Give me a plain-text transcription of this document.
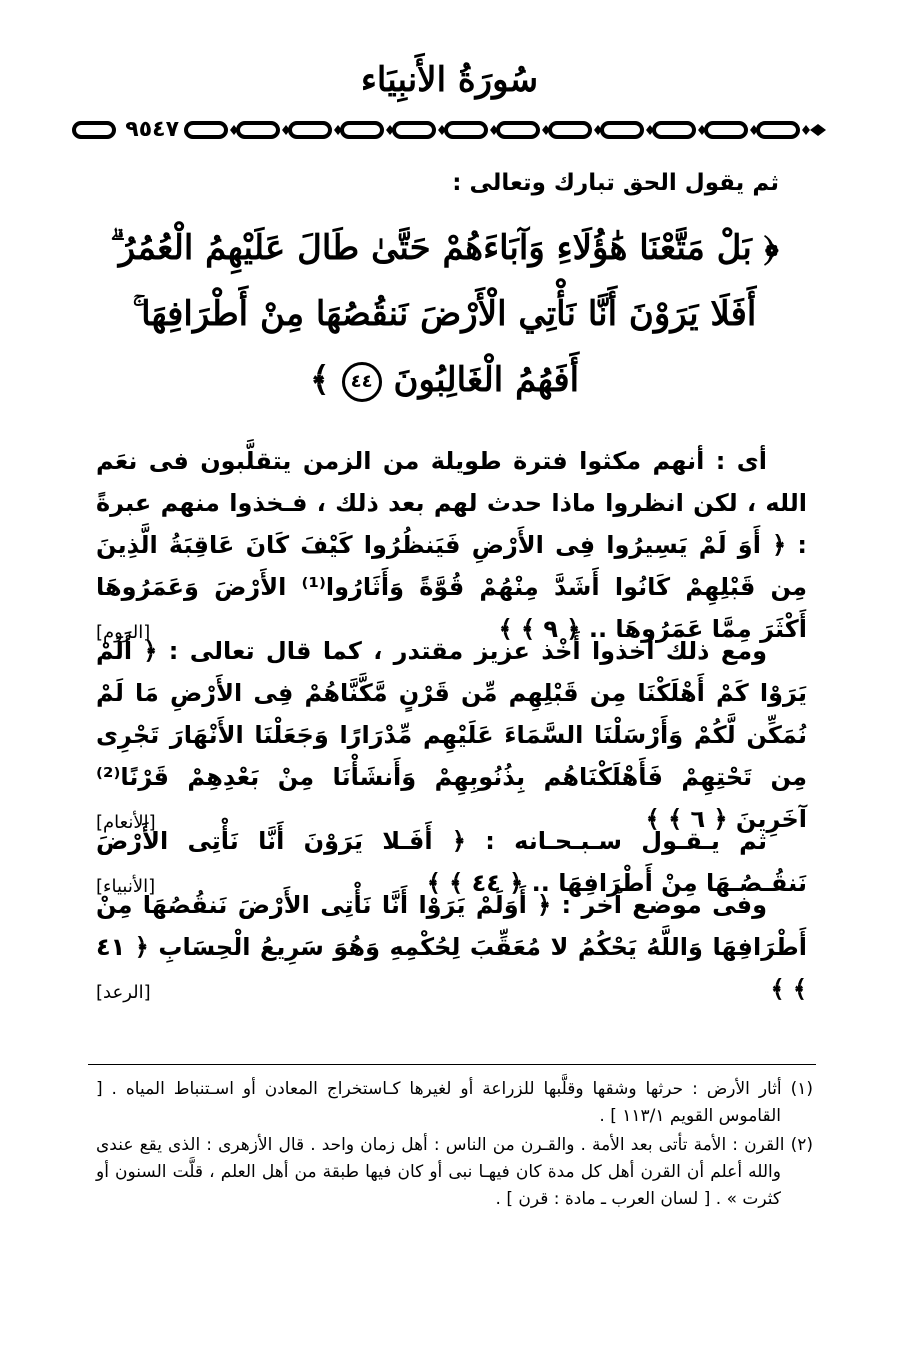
سُورَةُ الأَنبِيَاء
٩٥٤٧
ثم يقول الحق تبارك وتعالى :
﴿ بَلْ مَتَّعْنَا هَٰؤُلَاءِ وَآبَاءَهُمْ حَتَّىٰ طَالَ عَلَيْهِمُ الْعُمُرُ ۗ
أَفَلَا يَرَوْنَ أَنَّا نَأْتِي الْأَرْضَ نَنقُصُهَا مِنْ أَطْرَافِهَا ۚ
أَفَهُمُ الْغَالِبُونَ ٤٤ ﴾

أى : أنهم مكثوا فترة طويلة من الزمن يتقلَّبون فى نعَم الله ، لكن انظروا ماذا حدث لهم بعد ذلك ، فـخذوا منهم عبرةً : ﴿ أَوَ لَمْ يَسِيرُوا فِى الأَرْضِ فَيَنظُرُوا كَيْفَ كَانَ عَاقِبَةُ الَّذِينَ مِن قَبْلِهِمْ كَانُوا أَشَدَّ مِنْهُمْ قُوَّةً وَأَثَارُوا⁽¹⁾ الأَرْضَ وَعَمَرُوهَا أَكْثَرَ مِمَّا عَمَرُوهَا .. ﴿ ٩ ﴾ ﴾
[الروم]

ومع ذلك أخذوا أَخْذ عزيز مقتدر ، كما قال تعالى : ﴿ أَلَمْ يَرَوْا كَمْ أَهْلَكْنَا مِن قَبْلِهِم مِّن قَرْنٍ مَّكَّنَّاهُمْ فِى الأَرْضِ مَا لَمْ نُمَكِّن لَّكُمْ وَأَرْسَلْنَا السَّمَاءَ عَلَيْهِم مِّدْرَارًا وَجَعَلْنَا الأَنْهَارَ تَجْرِى مِن تَحْتِهِمْ فَأَهْلَكْنَاهُم بِذُنُوبِهِمْ وَأَنشَأْنَا مِنْ بَعْدِهِمْ قَرْنًا⁽²⁾ آخَرِينَ ﴿ ٦ ﴾ ﴾
[الأنعام]

ثم يـقـول سـبـحـانه : ﴿ أَفَـلا يَرَوْنَ أَنَّا نَأْتِى الأَرْضَ نَنقُـصُـهَا مِنْ أَطْرَافِهَا .. ﴿ ٤٤ ﴾ ﴾
[الأنبياء]

وفى موضع آخر : ﴿ أَوَلَمْ يَرَوْا أَنَّا نَأْتِى الأَرْضَ نَنقُصُهَا مِنْ أَطْرَافِهَا وَاللَّهُ يَحْكُمُ لا مُعَقِّبَ لِحُكْمِهِ وَهُوَ سَرِيعُ الْحِسَابِ ﴿ ٤١ ﴾ ﴾
[الرعد]

(١) أثار الأرض : حرثها وشقها وقلَّبها للزراعة أو لغيرها كـاستخراج المعادن أو اسـتنباط المياه . [ القاموس القويم ١١٣/١ ] .

(٢) القرن : الأمة تأتى بعد الأمة . والقـرن من الناس : أهل زمان واحد . قال الأزهرى : الذى يقع عندى والله أعلم أن القرن أهل كل مدة كان فيهـا نبى أو كان فيها طبقة من أهل العلم ، قلَّت السنون أو كثرت » . [ لسان العرب ـ مادة : قرن ] .
